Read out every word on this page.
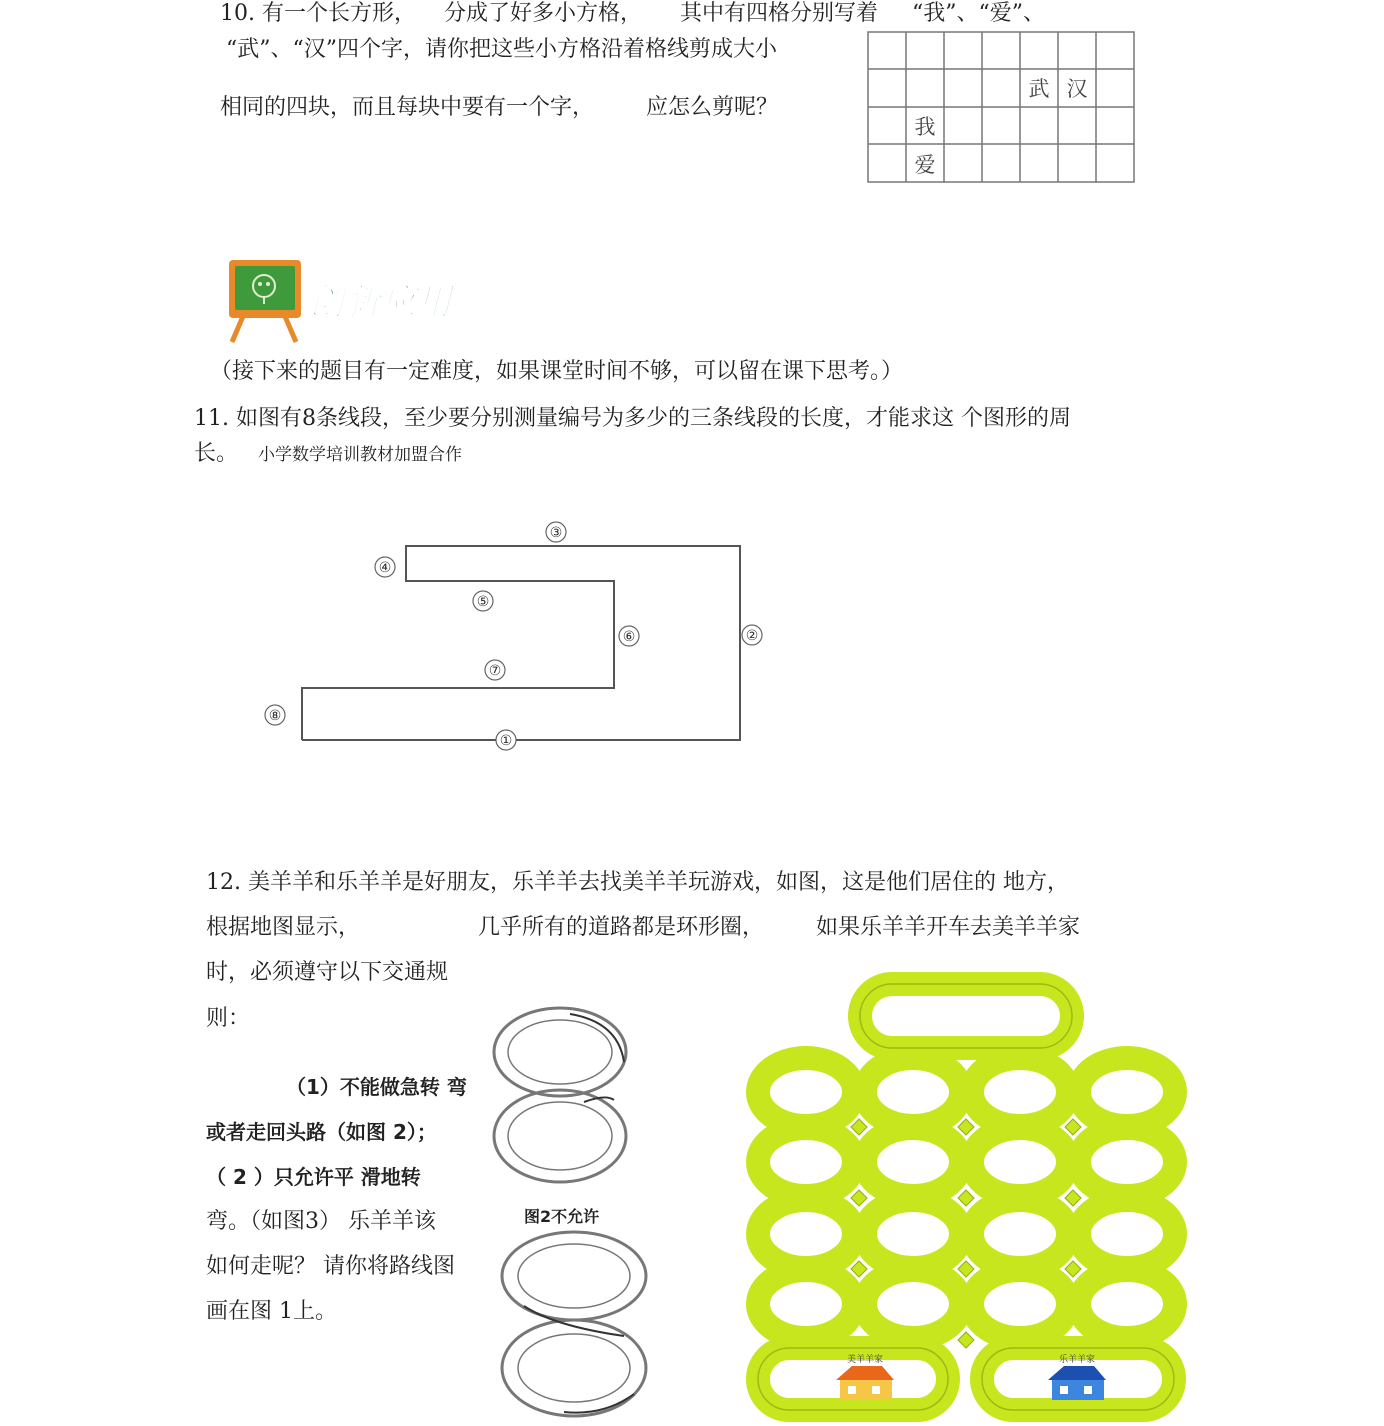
10. 有一个长方形， 分成了好多小方格， 其中有四格分别写着 “我”、“爱”、
“武”、“汉”四个字，请你把这些小方格沿着格线剪成大小
相同的四块，而且每块中要有一个字， 应怎么剪呢？
武 汉
我
爱
创新应用
（接下来的题目有一定难度，如果课堂时间不够，可以留在课下思考。）
11. 如图有8条线段，至少要分别测量编号为多少的三条线段的长度，才能求这 个图形的周
长。 小学数学培训教材加盟合作
①
②
③
④
⑤
⑥
⑦
⑧
12. 美羊羊和乐羊羊是好朋友，乐羊羊去找美羊羊玩游戏，如图，这是他们居住的 地方，
根据地图显示，	几乎所有的道路都是环形圈， 如果乐羊羊开车去美羊羊家
时，必须遵守以下交通规
则：
（1）不能做急转 弯
或者走回头路（如图 2）；
（ 2 ）只允许平 滑地转
弯。（如图3） 乐羊羊该
如何走呢？ 请你将路线图
画在图 1上。
图2不允许
美羊羊家	乐羊羊家
